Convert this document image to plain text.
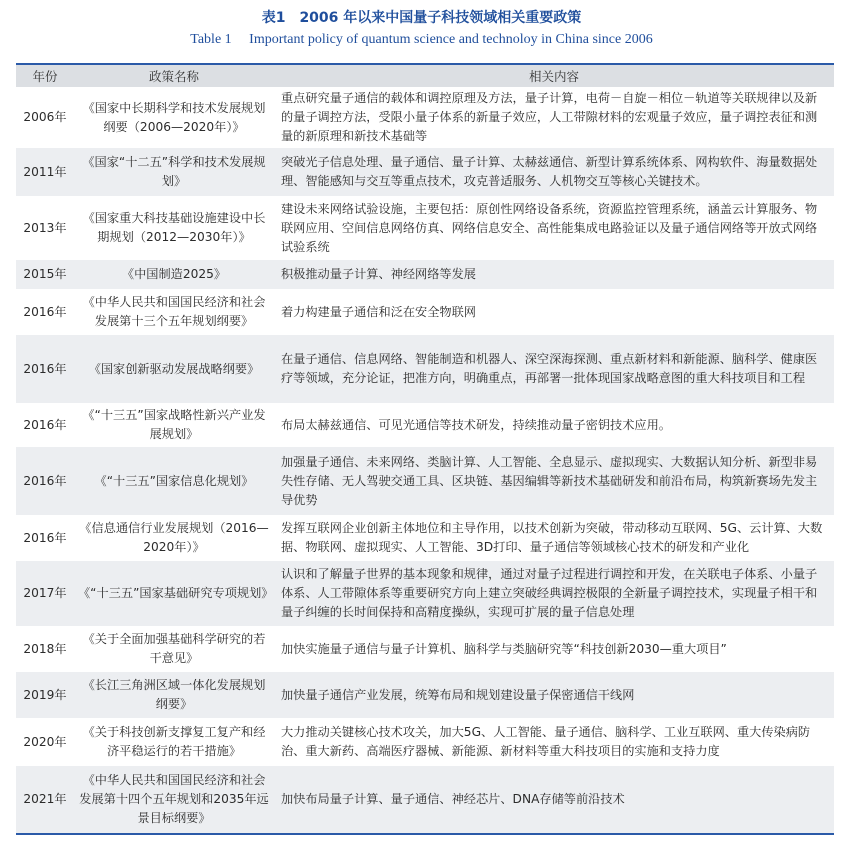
表1　2006 年以来中国量子科技领域相关重要政策
Table 1　 Important policy of quantum science and technoloy in China since 2006
年份	政策名称	相关内容
2006年	《国家中长期科学和技术发展规划纲要（2006—2020年）》	重点研究量子通信的载体和调控原理及方法，量子计算，电荷－自旋－相位－轨道等关联规律以及新的量子调控方法，受限小量子体系的新量子效应，人工带隙材料的宏观量子效应，量子调控表征和测量的新原理和新技术基础等
2011年	《国家“十二五”科学和技术发展规划》	突破光子信息处理、量子通信、量子计算、太赫兹通信、新型计算系统体系、网构软件、海量数据处理、智能感知与交互等重点技术，攻克普适服务、人机物交互等核心关键技术。
2013年	《国家重大科技基础设施建设中长期规划（2012—2030年）》	建设未来网络试验设施，主要包括：原创性网络设备系统，资源监控管理系统，涵盖云计算服务、物联网应用、空间信息网络仿真、网络信息安全、高性能集成电路验证以及量子通信网络等开放式网络试验系统
2015年	《中国制造2025》	积极推动量子计算、神经网络等发展
2016年	《中华人民共和国国民经济和社会发展第十三个五年规划纲要》	着力构建量子通信和泛在安全物联网
2016年	《国家创新驱动发展战略纲要》	在量子通信、信息网络、智能制造和机器人、深空深海探测、重点新材料和新能源、脑科学、健康医疗等领域，充分论证，把准方向，明确重点，再部署一批体现国家战略意图的重大科技项目和工程
2016年	《“十三五”国家战略性新兴产业发展规划》	布局太赫兹通信、可见光通信等技术研发，持续推动量子密钥技术应用。
2016年	《“十三五”国家信息化规划》	加强量子通信、未来网络、类脑计算、人工智能、全息显示、虚拟现实、大数据认知分析、新型非易失性存储、无人驾驶交通工具、区块链、基因编辑等新技术基础研发和前沿布局，构筑新赛场先发主导优势
2016年	《信息通信行业发展规划（2016—2020年）》	发挥互联网企业创新主体地位和主导作用，以技术创新为突破，带动移动互联网、5G、云计算、大数据、物联网、虚拟现实、人工智能、3D打印、量子通信等领域核心技术的研发和产业化
2017年	《“十三五”国家基础研究专项规划》	认识和了解量子世界的基本现象和规律，通过对量子过程进行调控和开发，在关联电子体系、小量子体系、人工带隙体系等重要研究方向上建立突破经典调控极限的全新量子调控技术，实现量子相干和量子纠缠的长时间保持和高精度操纵，实现可扩展的量子信息处理
2018年	《关于全面加强基础科学研究的若干意见》	加快实施量子通信与量子计算机、脑科学与类脑研究等“科技创新2030—重大项目”
2019年	《长江三角洲区域一体化发展规划纲要》	加快量子通信产业发展，统筹布局和规划建设量子保密通信干线网
2020年	《关于科技创新支撑复工复产和经济平稳运行的若干措施》	大力推动关键核心技术攻关，加大5G、人工智能、量子通信、脑科学、工业互联网、重大传染病防治、重大新药、高端医疗器械、新能源、新材料等重大科技项目的实施和支持力度
2021年	《中华人民共和国国民经济和社会发展第十四个五年规划和2035年远景目标纲要》	加快布局量子计算、量子通信、神经芯片、DNA存储等前沿技术
